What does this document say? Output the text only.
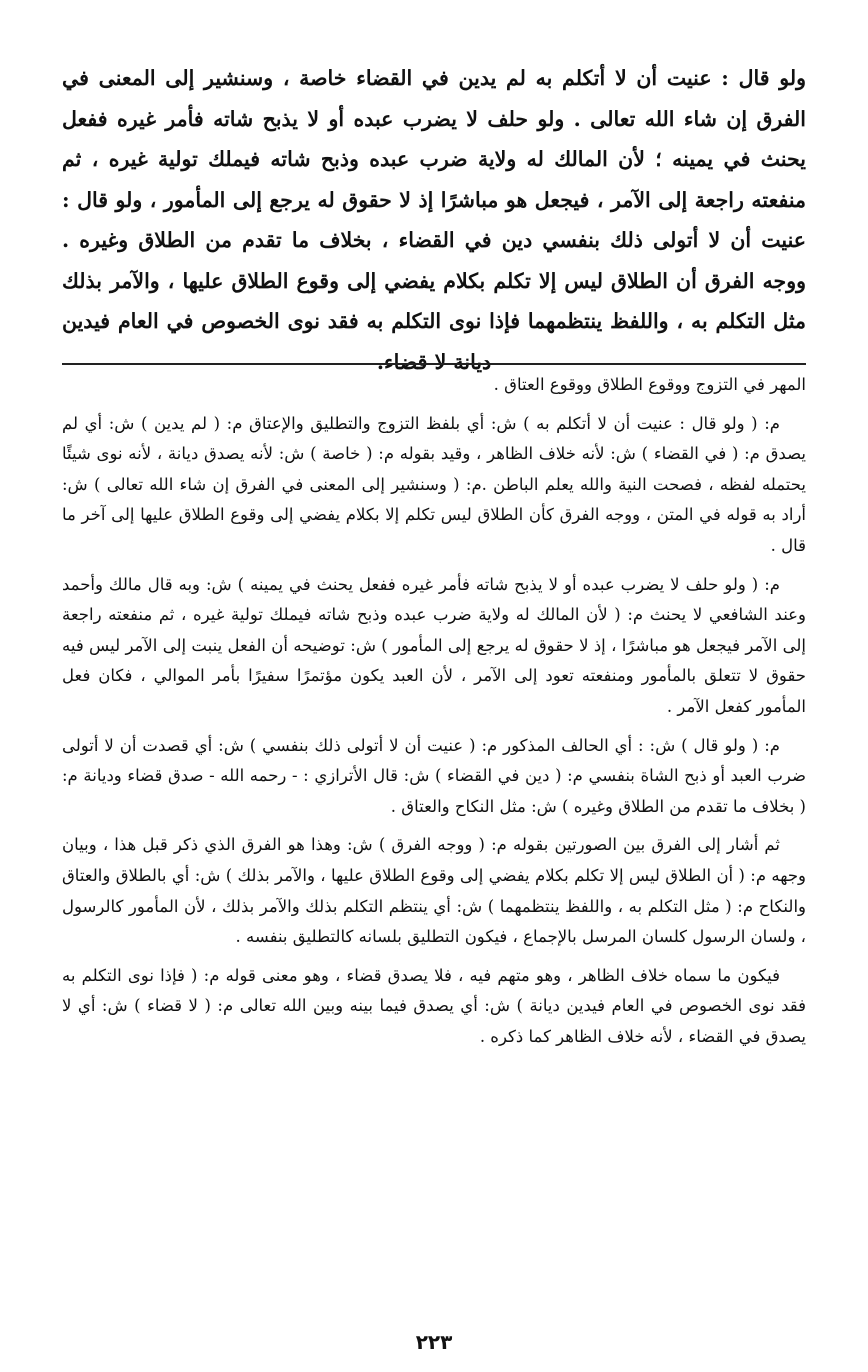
ولو قال : عنيت أن لا أتكلم به لم يدين في القضاء خاصة ، وسنشير إلى المعنى في الفرق إن شاء الله تعالى . ولو حلف لا يضرب عبده أو لا يذبح شاته فأمر غيره ففعل يحنث في يمينه ؛ لأن المالك له ولاية ضرب عبده وذبح شاته فيملك تولية غيره ، ثم منفعته راجعة إلى الآمر ، فيجعل هو مباشرًا إذ لا حقوق له يرجع إلى المأمور ، ولو قال : عنيت أن لا أتولى ذلك بنفسي دين في القضاء ، بخلاف ما تقدم من الطلاق وغيره . ووجه الفرق أن الطلاق ليس إلا تكلم بكلام يفضي إلى وقوع الطلاق عليها ، والآمر بذلك مثل التكلم به ، واللفظ ينتظمهما فإذا نوى التكلم به فقد نوى الخصوص في العام فيدين ديانة لا قضاء.

المهر في التزوج ووقوع الطلاق ووقوع العتاق .

م: ( ولو قال : عنيت أن لا أتكلم به ) ش: أي بلفظ التزوج والتطليق والإعتاق م: ( لم يدين ) ش: أي لم يصدق م: ( في القضاء ) ش: لأنه خلاف الظاهر ، وقيد بقوله م: ( خاصة ) ش: لأنه يصدق ديانة ، لأنه نوى شيئًا يحتمله لفظه ، فصحت النية والله يعلم الباطن .م: ( وسنشير إلى المعنى في الفرق إن شاء الله تعالى ) ش: أراد به قوله في المتن ، ووجه الفرق كأن الطلاق ليس تكلم إلا بكلام يفضي إلى وقوع الطلاق عليها إلى آخر ما قال .

م: ( ولو حلف لا يضرب عبده أو لا يذبح شاته فأمر غيره ففعل يحنث في يمينه ) ش: وبه قال مالك وأحمد وعند الشافعي لا يحنث م: ( لأن المالك له ولاية ضرب عبده وذبح شاته فيملك تولية غيره ، ثم منفعته راجعة إلى الآمر فيجعل هو مباشرًا ، إذ لا حقوق له يرجع إلى المأمور ) ش: توضيحه أن الفعل ينبت إلى الآمر ليس فيه حقوق لا تتعلق بالمأمور ومنفعته تعود إلى الآمر ، لأن العبد يكون مؤتمرًا سفيرًا بأمر الموالي ، فكان فعل المأمور كفعل الآمر .

م: ( ولو قال ) ش: : أي الحالف المذكور م: ( عنيت أن لا أتولى ذلك بنفسي ) ش: أي قصدت أن لا أتولى ضرب العبد أو ذبح الشاة بنفسي م: ( دين في القضاء ) ش: قال الأترازي : - رحمه الله - صدق قضاء وديانة م: ( بخلاف ما تقدم من الطلاق وغيره ) ش: مثل النكاح والعتاق .

ثم أشار إلى الفرق بين الصورتين بقوله م: ( ووجه الفرق ) ش: وهذا هو الفرق الذي ذكر قبل هذا ، وبيان وجهه م: ( أن الطلاق ليس إلا تكلم بكلام يفضي إلى وقوع الطلاق عليها ، والآمر بذلك ) ش: أي بالطلاق والعتاق والنكاح م: ( مثل التكلم به ، واللفظ ينتظمهما ) ش: أي ينتظم التكلم بذلك والآمر بذلك ، لأن المأمور كالرسول ، ولسان الرسول كلسان المرسل بالإجماع ، فيكون التطليق بلسانه كالتطليق بنفسه .

فيكون ما سماه خلاف الظاهر ، وهو متهم فيه ، فلا يصدق قضاء ، وهو معنى قوله م: ( فإذا نوى التكلم به فقد نوى الخصوص في العام فيدين ديانة ) ش: أي يصدق فيما بينه وبين الله تعالى م: ( لا قضاء ) ش: أي لا يصدق في القضاء ، لأنه خلاف الظاهر كما ذكره .

٢٢٣
